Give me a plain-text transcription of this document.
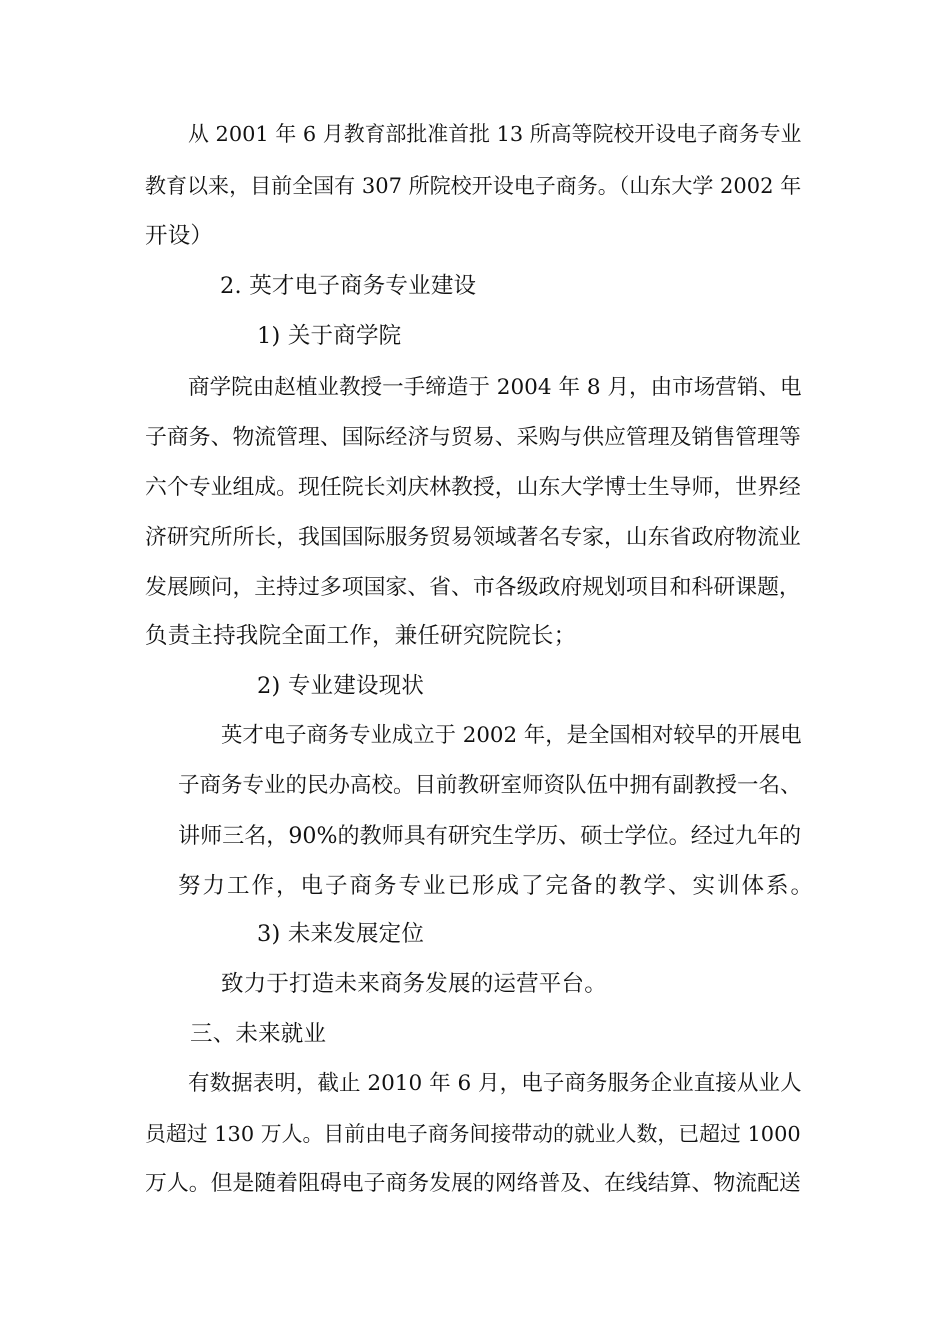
从 2001 年 6 月教育部批准首批 13 所高等院校开设电子商务专业
教育以来，目前全国有 307 所院校开设电子商务。（山东大学 2002 年
开设）
2. 英才电子商务专业建设
1) 关于商学院
商学院由赵植业教授一手缔造于 2004 年 8 月，由市场营销、电
子商务、物流管理、国际经济与贸易、采购与供应管理及销售管理等
六个专业组成。现任院长刘庆林教授，山东大学博士生导师，世界经
济研究所所长，我国国际服务贸易领域著名专家，山东省政府物流业
发展顾问，主持过多项国家、省、市各级政府规划项目和科研课题，
负责主持我院全面工作，兼任研究院院长；
2) 专业建设现状
英才电子商务专业成立于 2002 年，是全国相对较早的开展电
子商务专业的民办高校。目前教研室师资队伍中拥有副教授一名、
讲师三名，90%的教师具有研究生学历、硕士学位。经过九年的
努力工作，电子商务专业已形成了完备的教学、实训体系。
3) 未来发展定位
致力于打造未来商务发展的运营平台。
三、未来就业
有数据表明，截止 2010 年 6 月，电子商务服务企业直接从业人
员超过 130 万人。目前由电子商务间接带动的就业人数，已超过 1000
万人。但是随着阻碍电子商务发展的网络普及、在线结算、物流配送
